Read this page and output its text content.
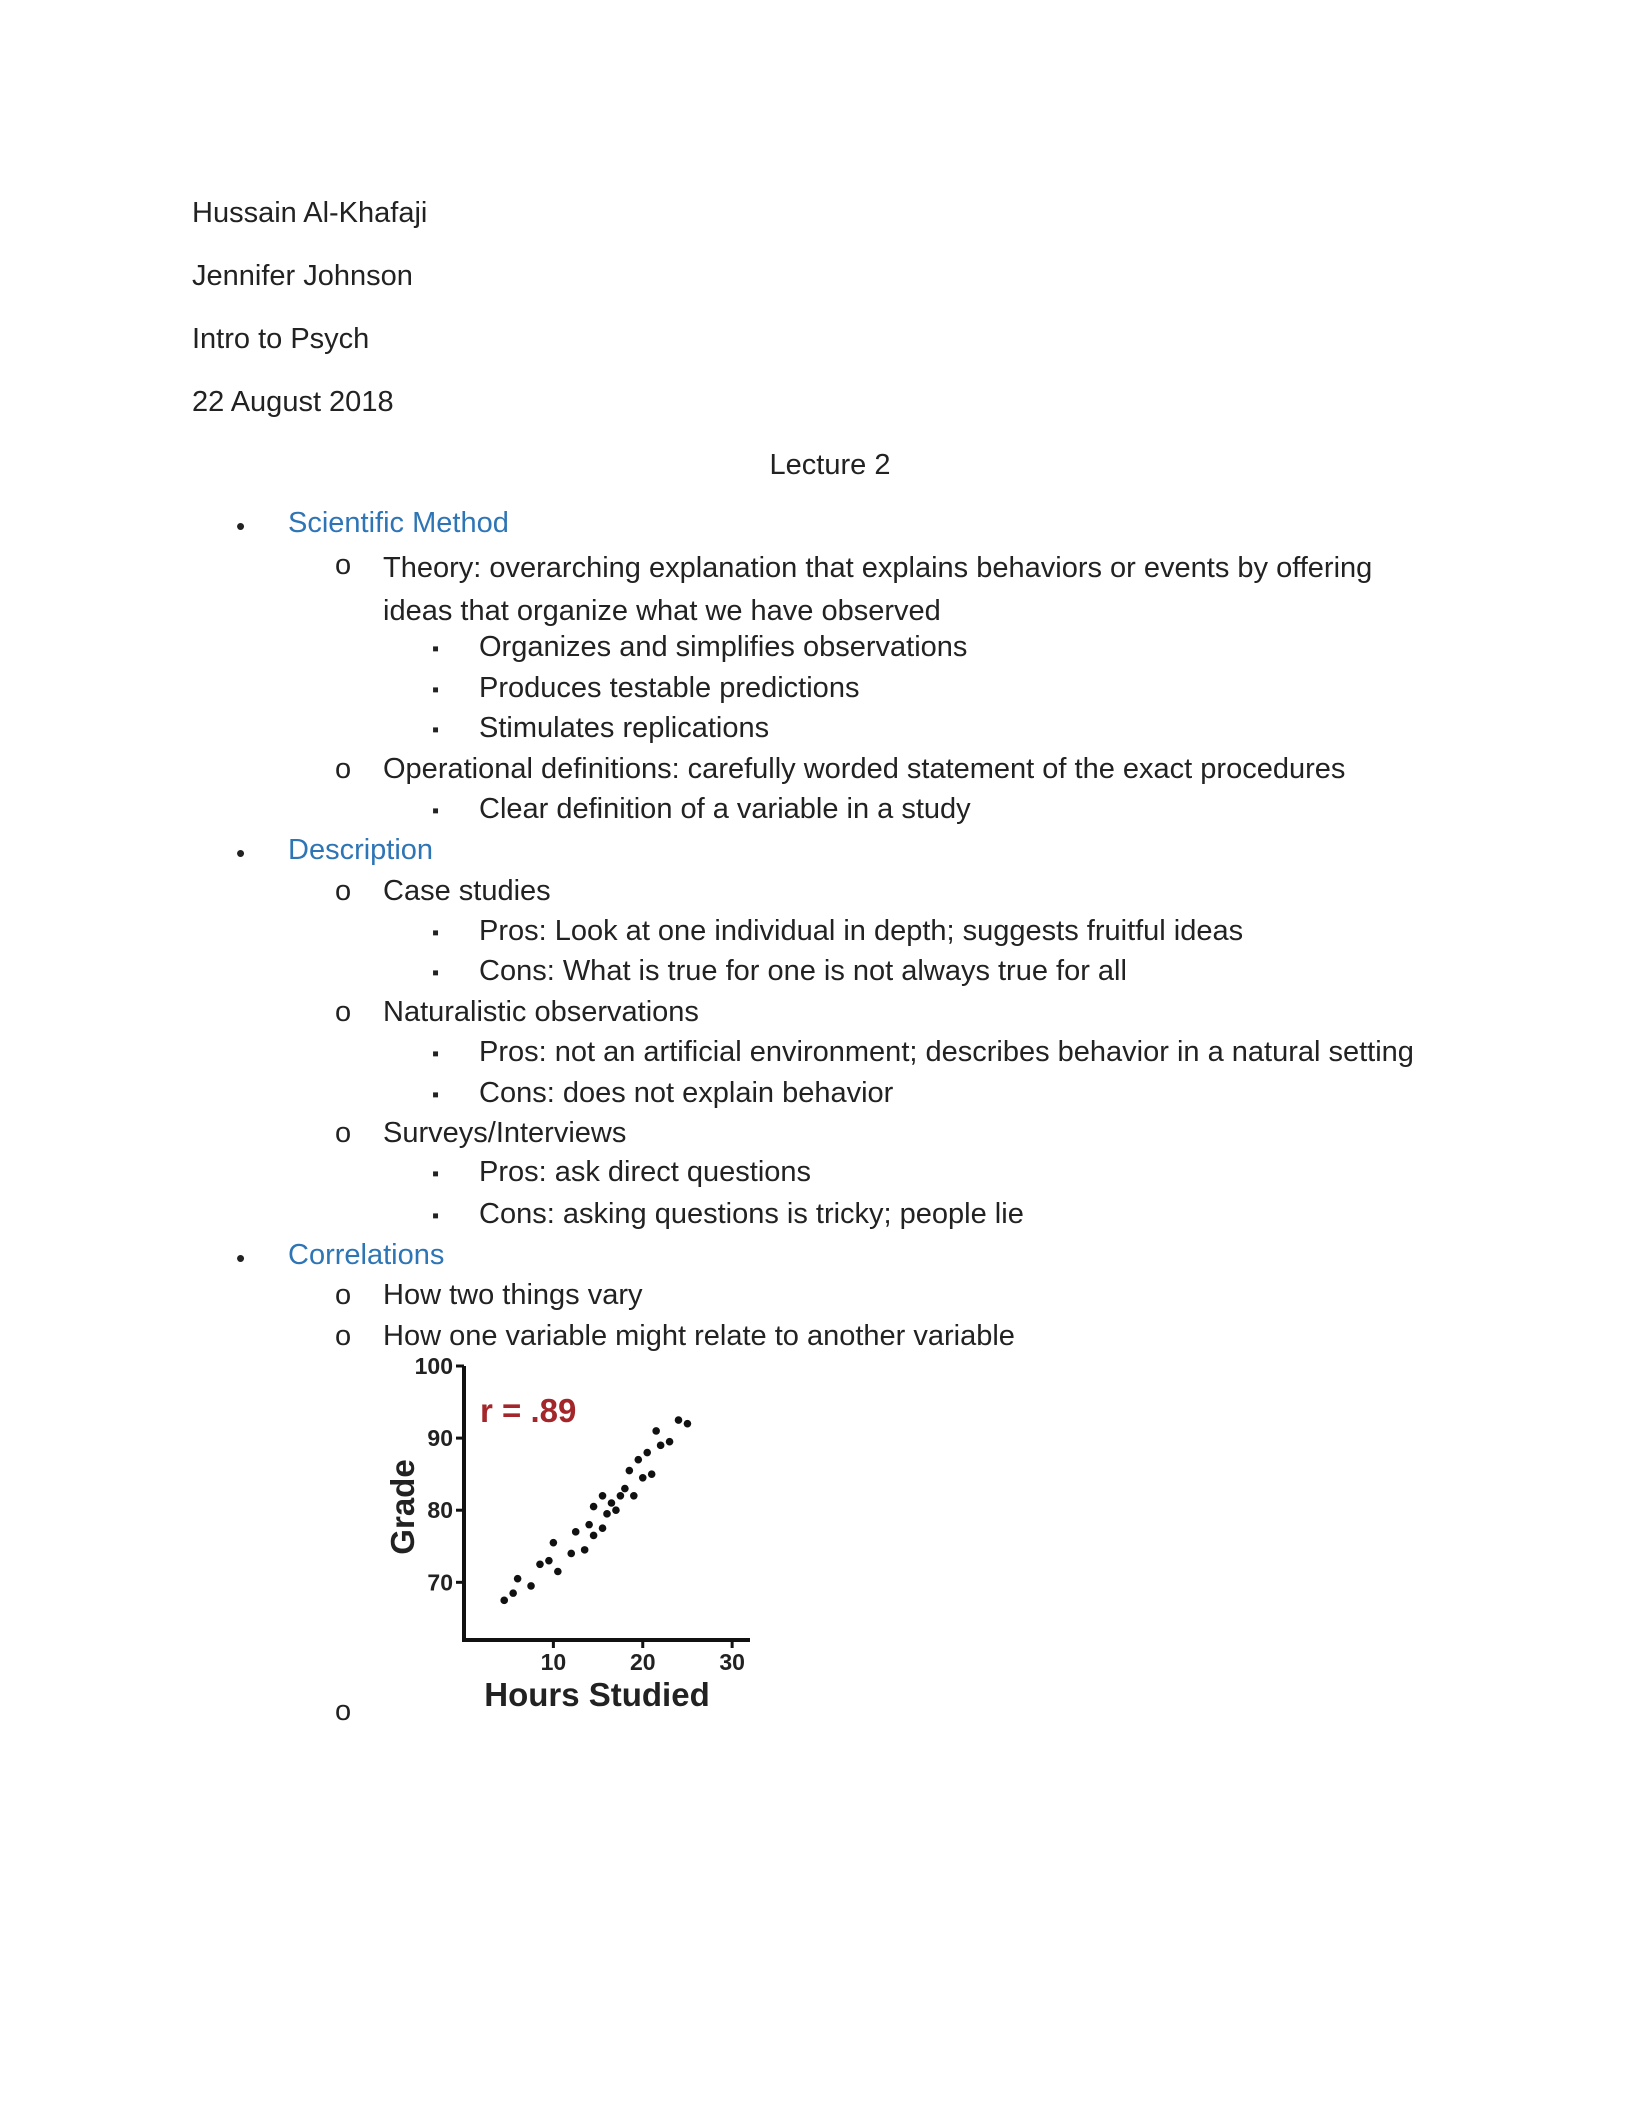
Hussain Al-Khafaji
Jennifer Johnson
Intro to Psych
22 August 2018
Lecture 2
• Scientific Method
o Theory: overarching explanation that explains behaviors or events by offering ideas that organize what we have observed
▪ Organizes and simplifies observations
▪ Produces testable predictions
▪ Stimulates replications
o Operational definitions: carefully worded statement of the exact procedures
▪ Clear definition of a variable in a study
• Description
o Case studies
▪ Pros: Look at one individual in depth; suggests fruitful ideas
▪ Cons: What is true for one is not always true for all
o Naturalistic observations
▪ Pros: not an artificial environment; describes behavior in a natural setting
▪ Cons: does not explain behavior
o Surveys/Interviews
▪ Pros: ask direct questions
▪ Cons: asking questions is tricky; people lie
• Correlations
o How two things vary
o How one variable might relate to another variable
o
70
80
90
100
10	20	30
Hours Studied
Grade
r = .89
